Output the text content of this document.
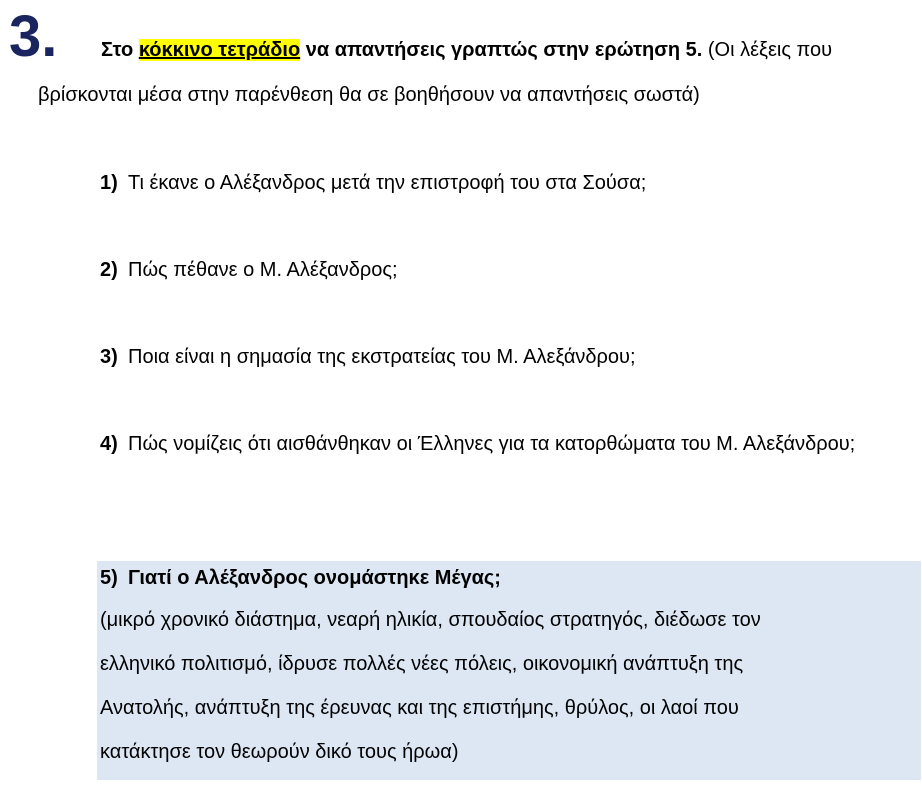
3. Στο κόκκινο τετράδιο να απαντήσεις γραπτώς στην ερώτηση 5. (Οι λέξεις που
βρίσκονται μέσα στην παρένθεση θα σε βοηθήσουν να απαντήσεις σωστά)
1) Τι έκανε ο Αλέξανδρος μετά την επιστροφή του στα Σούσα;
2) Πώς πέθανε ο Μ. Αλέξανδρος;
3) Ποια είναι η σημασία της εκστρατείας του Μ. Αλεξάνδρου;
4) Πώς νομίζεις ότι αισθάνθηκαν οι Έλληνες για τα κατορθώματα του Μ. Αλεξάνδρου;
5) Γιατί ο Αλέξανδρος ονομάστηκε Μέγας;
(μικρό χρονικό διάστημα, νεαρή ηλικία, σπουδαίος στρατηγός, διέδωσε τον
ελληνικό πολιτισμό, ίδρυσε πολλές νέες πόλεις, οικονομική ανάπτυξη της
Ανατολής, ανάπτυξη της έρευνας και της επιστήμης, θρύλος, οι λαοί που
κατάκτησε τον θεωρούν δικό τους ήρωα)
